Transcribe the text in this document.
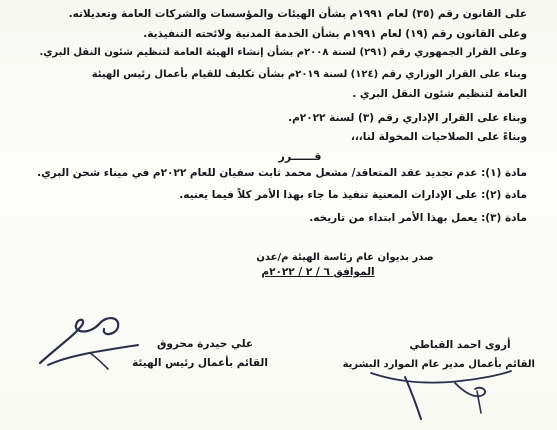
على القانون رقم (٣٥) لعام ١٩٩١م بشأن الهيئات والمؤسسات والشركات العامة وتعديلاته.
وعلى القانون رقم (١٩) لعام ١٩٩١م بشأن الخدمة المدنية ولائحته التنفيذية.
وعلى القرار الجمهوري رقم (٢٩١) لسنة ٢٠٠٨م بشأن إنشاء الهيئة العامة لتنظيم شئون النقل البري.
وبناء على القرار الوزاري رقم (١٢٤) لسنة ٢٠١٩م بشأن تكليف للقيام بأعمال رئيس الهيئة
العامة لتنظيم شئون النقل البري .
وبناء على القرار الإداري رقم (٣) لسنة ٢٠٢٢م.
وبناءً على الصلاحيات المخولة لنا،،،
قــــــرر
مادة (١): عدم تجديد عقد المتعاقد/ مشعل محمد ثابت سفيان للعام ٢٠٢٢م في ميناء شحن البري.
مادة (٢): على الإدارات المعنية تنفيذ ما جاء بهذا الأمر كلاً فيما يعنيه.
مادة (٣): يعمل بهذا الأمر ابتداء من تاريخه.
صدر بديوان عام رئاسة الهيئة م/عدن
الموافق ٦ / ٢ / ٢٠٢٢م
أروى احمد القباطي
القائم بأعمال مدير عام الموارد البشرية
علي حيدرة محروق
القائم بأعمال رئيس الهيئة
